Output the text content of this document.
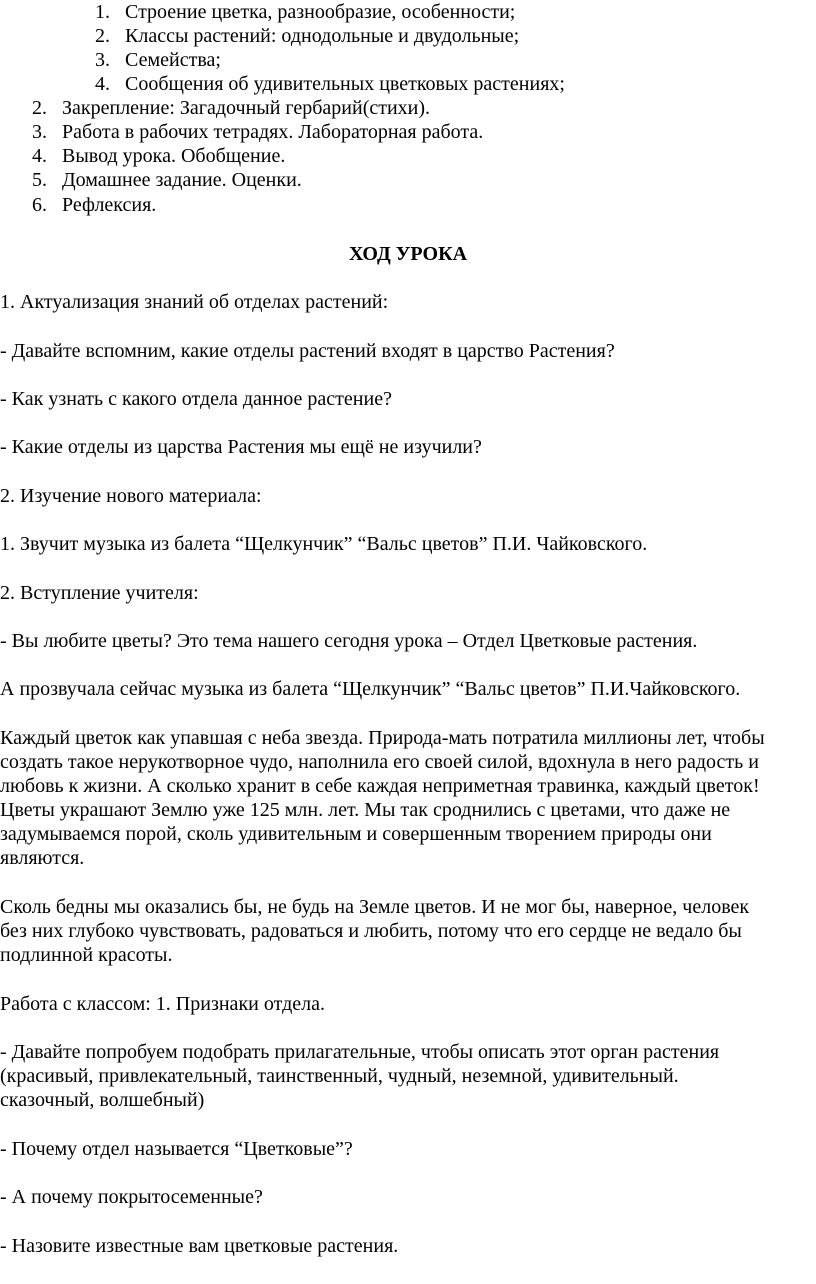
1. Строение цветка, разнообразие, особенности;
2. Классы растений: однодольные и двудольные;
3. Семейства;
4. Сообщения об удивительных цветковых растениях;
2. Закрепление: Загадочный гербарий(стихи).
3. Работа в рабочих тетрадях. Лабораторная работа.
4. Вывод урока. Обобщение.
5. Домашнее задание. Оценки.
6. Рефлексия.
ХОД УРОКА
1. Актуализация знаний об отделах растений:
- Давайте вспомним, какие отделы растений входят в царство Растения?
- Как узнать с какого отдела данное растение?
- Какие отделы из царства Растения мы ещё не изучили?
2. Изучение нового материала:
1. Звучит музыка из балета “Щелкунчик” “Вальс цветов” П.И. Чайковского.
2. Вступление учителя:
- Вы любите цветы? Это тема нашего сегодня урока – Отдел Цветковые растения.
А прозвучала сейчас музыка из балета “Щелкунчик” “Вальс цветов” П.И.Чайковского.
Каждый цветок как упавшая с неба звезда. Природа-мать потратила миллионы лет, чтобы
создать такое нерукотворное чудо, наполнила его своей силой, вдохнула в него радость и
любовь к жизни. А сколько хранит в себе каждая неприметная травинка, каждый цветок!
Цветы украшают Землю уже 125 млн. лет. Мы так сроднились с цветами, что даже не
задумываемся порой, сколь удивительным и совершенным творением природы они
являются.
Сколь бедны мы оказались бы, не будь на Земле цветов. И не мог бы, наверное, человек
без них глубоко чувствовать, радоваться и любить, потому что его сердце не ведало бы
подлинной красоты.
Работа с классом: 1. Признаки отдела.
- Давайте попробуем подобрать прилагательные, чтобы описать этот орган растения
(красивый, привлекательный, таинственный, чудный, неземной, удивительный.
сказочный, волшебный)
- Почему отдел называется “Цветковые”?
- А почему покрытосеменные?
- Назовите известные вам цветковые растения.
